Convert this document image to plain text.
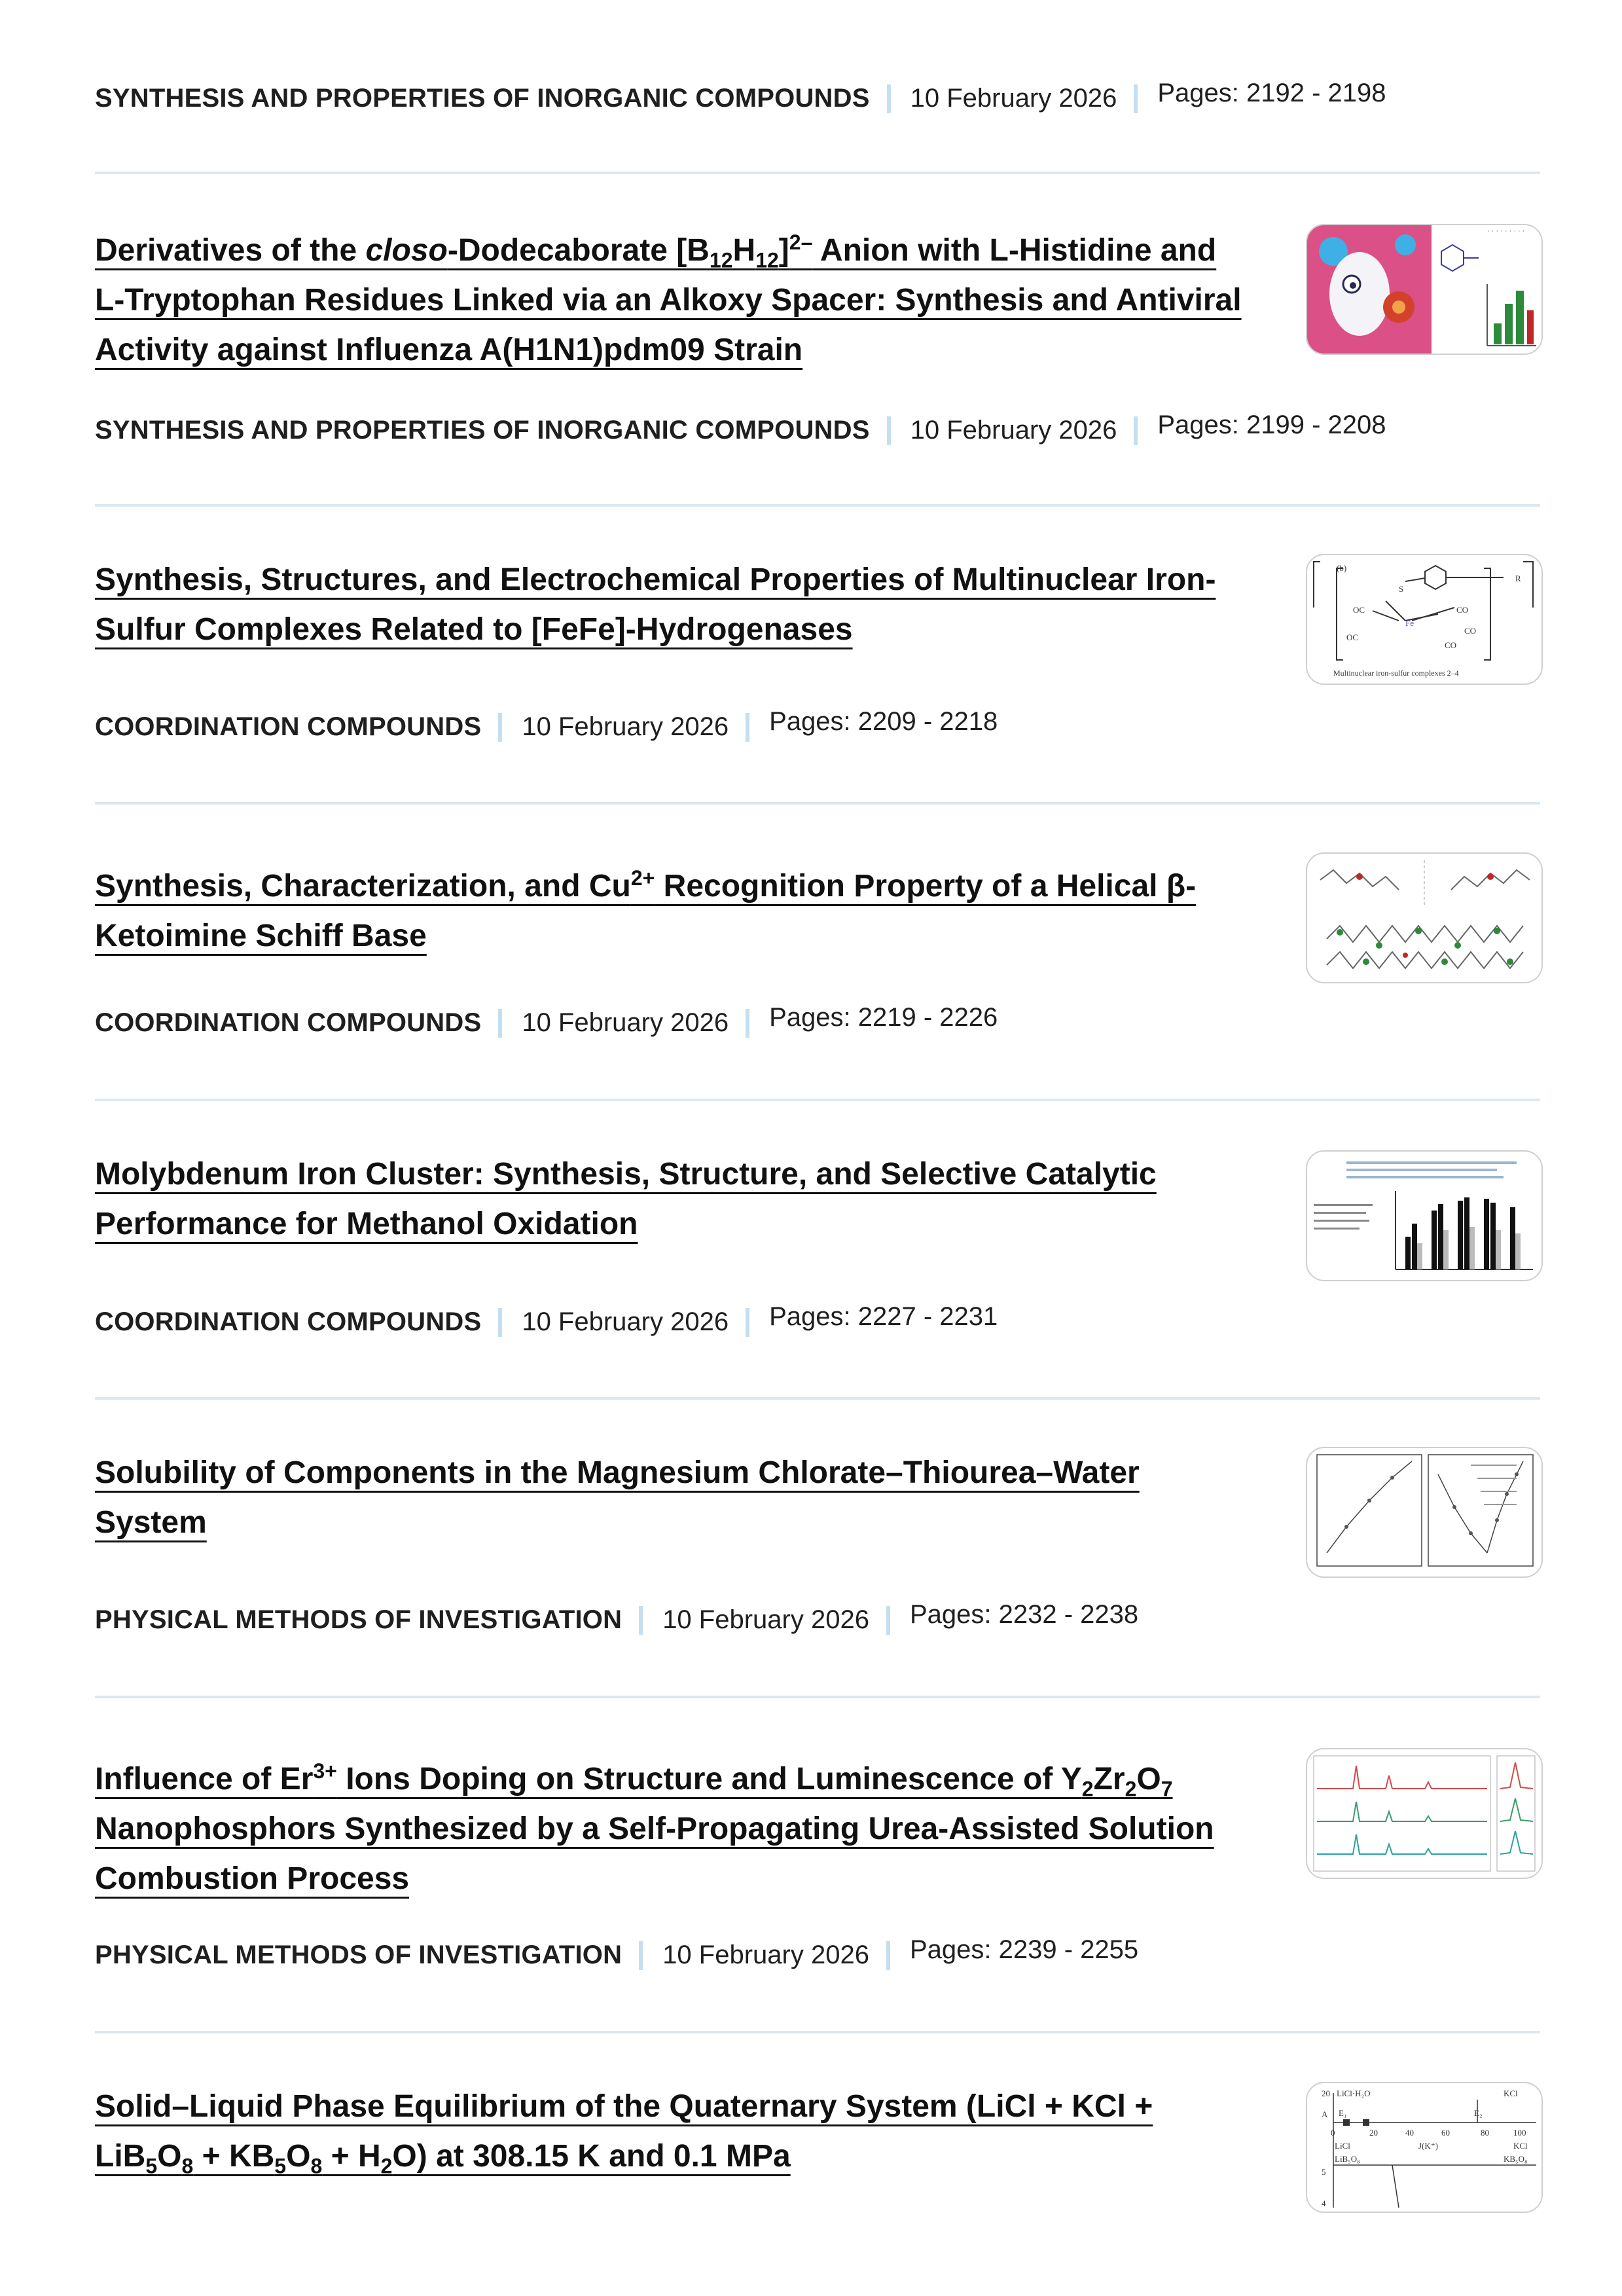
SYNTHESIS AND PROPERTIES OF INORGANIC COMPOUNDS 10 February 2026 Pages: 2192 - 2198
Derivatives of the closo-Dodecaborate $[B_{12}H_{12}]^{2-}$ Anion with L-Histidine and L-Tryptophan Residues Linked via an Alkoxy Spacer: Synthesis and Antiviral Activity against Influenza A(H1N1)pdm09 Strain
· · · · · · · · ·
SYNTHESIS AND PROPERTIES OF INORGANIC COMPOUNDS 10 February 2026 Pages: 2199 - 2208
Synthesis, Structures, and Electrochemical Properties of Multinuclear Iron-Sulfur Complexes Related to [FeFe]-Hydrogenases
(b)
OC	CO
OC
CO
CO
Fe
S
R
Multinuclear iron-sulfur complexes 2–4
COORDINATION COMPOUNDS 10 February 2026 Pages: 2209 - 2218
Synthesis, Characterization, and Cu$^{2+}$ Recognition Property of a Helical β-Ketoimine Schiff Base
COORDINATION COMPOUNDS 10 February 2026 Pages: 2219 - 2226
Molybdenum Iron Cluster: Synthesis, Structure, and Selective Catalytic Performance for Methanol Oxidation
COORDINATION COMPOUNDS 10 February 2026 Pages: 2227 - 2231
Solubility of Components in the Magnesium Chlorate–Thiourea–Water System
PHYSICAL METHODS OF INVESTIGATION 10 February 2026 Pages: 2232 - 2238
Influence of Er$^{3+}$ Ions Doping on Structure and Luminescence of $Y_2Zr_2O_7$ Nanophosphors Synthesized by a Self-Propagating Urea-Assisted Solution Combustion Process
PHYSICAL METHODS OF INVESTIGATION 10 February 2026 Pages: 2239 - 2255
Solid–Liquid Phase Equilibrium of the Quaternary System (LiCl + KCl + $LiB_5O_8 + KB_5O_8 + H_2O$) at 308.15 K and 0.1 MPa
LiCl·H₂O	KCl
20
A E₁	E₂
0	20	40	60	80	100
LiCl	J(K⁺)	KCl
LiB₅O₈	KB₅O₈
5
4
